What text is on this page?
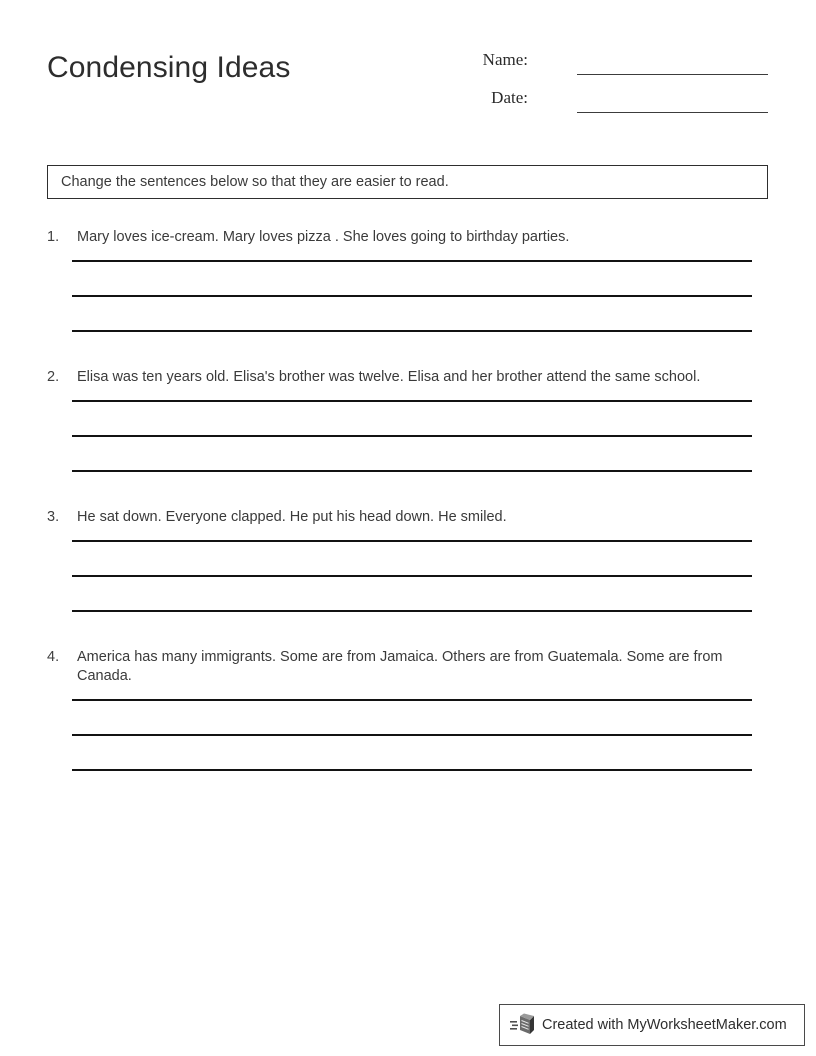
Condensing Ideas	Name:
Date:
Change the sentences below so that they are easier to read.
1.	Mary loves ice-cream. Mary loves pizza . She loves going to birthday parties.
2.	Elisa was ten years old. Elisa's brother was twelve. Elisa and her brother attend the same school.
3.	He sat down. Everyone clapped. He put his head down. He smiled.
4.	America has many immigrants. Some are from Jamaica. Others are from Guatemala. Some are from Canada.
Created with MyWorksheetMaker.com
